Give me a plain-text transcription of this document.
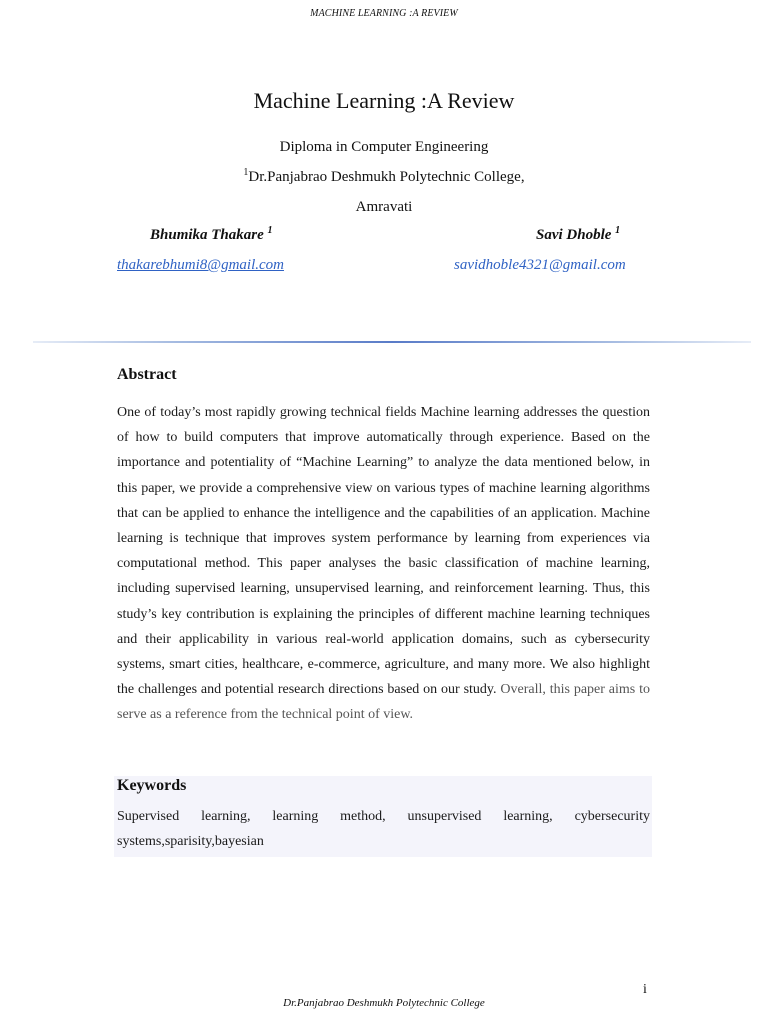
MACHINE LEARNING :A REVIEW
Machine Learning :A Review
Diploma in Computer Engineering
$^1$Dr.Panjabrao Deshmukh Polytechnic College,
Amravati
Bhumika Thakare $^1$	Savi Dhoble $^1$
thakarebhumi8@gmail.com	savidhoble4321@gmail.com
Abstract
One of today’s most rapidly growing technical fields Machine learning addresses the question of how to build computers that improve automatically through experience. Based on the importance and potentiality of “Machine Learning” to analyze the data mentioned below, in this paper, we provide a comprehensive view on various types of machine learning algorithms that can be applied to enhance the intelligence and the capabilities of an application. Machine learning is technique that improves system performance by learning from experiences via computational method. This paper analyses the basic classification of machine learning, including supervised learning, unsupervised learning, and reinforcement learning. Thus, this study’s key contribution is explaining the principles of different machine learning techniques and their applicability in various real-world application domains, such as cybersecurity systems, smart cities, healthcare, e-commerce, agriculture, and many more. We also highlight the challenges and potential research directions based on our study. Overall, this paper aims to serve as a reference from the technical point of view.
Keywords
Supervised learning, learning method, unsupervised learning, cybersecurity systems,sparisity,bayesian
i
Dr.Panjabrao Deshmukh Polytechnic College
